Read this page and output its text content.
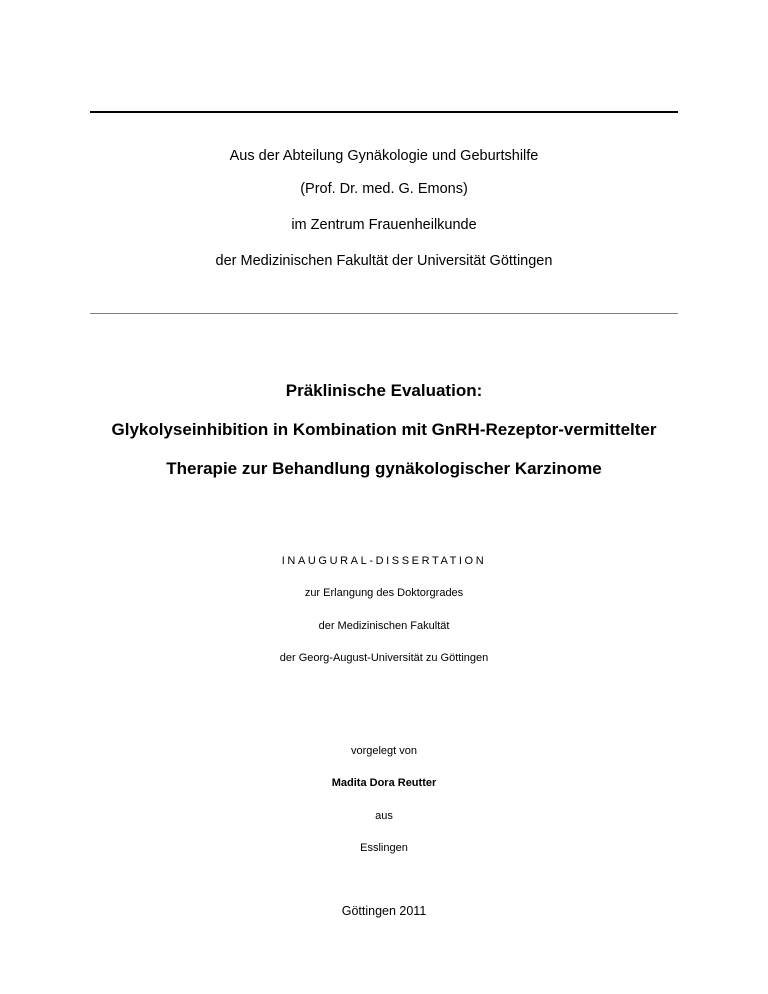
Aus der Abteilung Gynäkologie und Geburtshilfe
(Prof. Dr. med. G. Emons)
im Zentrum Frauenheilkunde
der Medizinischen Fakultät der Universität Göttingen
Präklinische Evaluation:
Glykolyseinhibition in Kombination mit GnRH-Rezeptor-vermittelter
Therapie zur Behandlung gynäkologischer Karzinome
INAUGURAL-DISSERTATION
zur Erlangung des Doktorgrades
der Medizinischen Fakultät
der Georg-August-Universität zu Göttingen
vorgelegt von
Madita Dora Reutter
aus
Esslingen
Göttingen 2011
